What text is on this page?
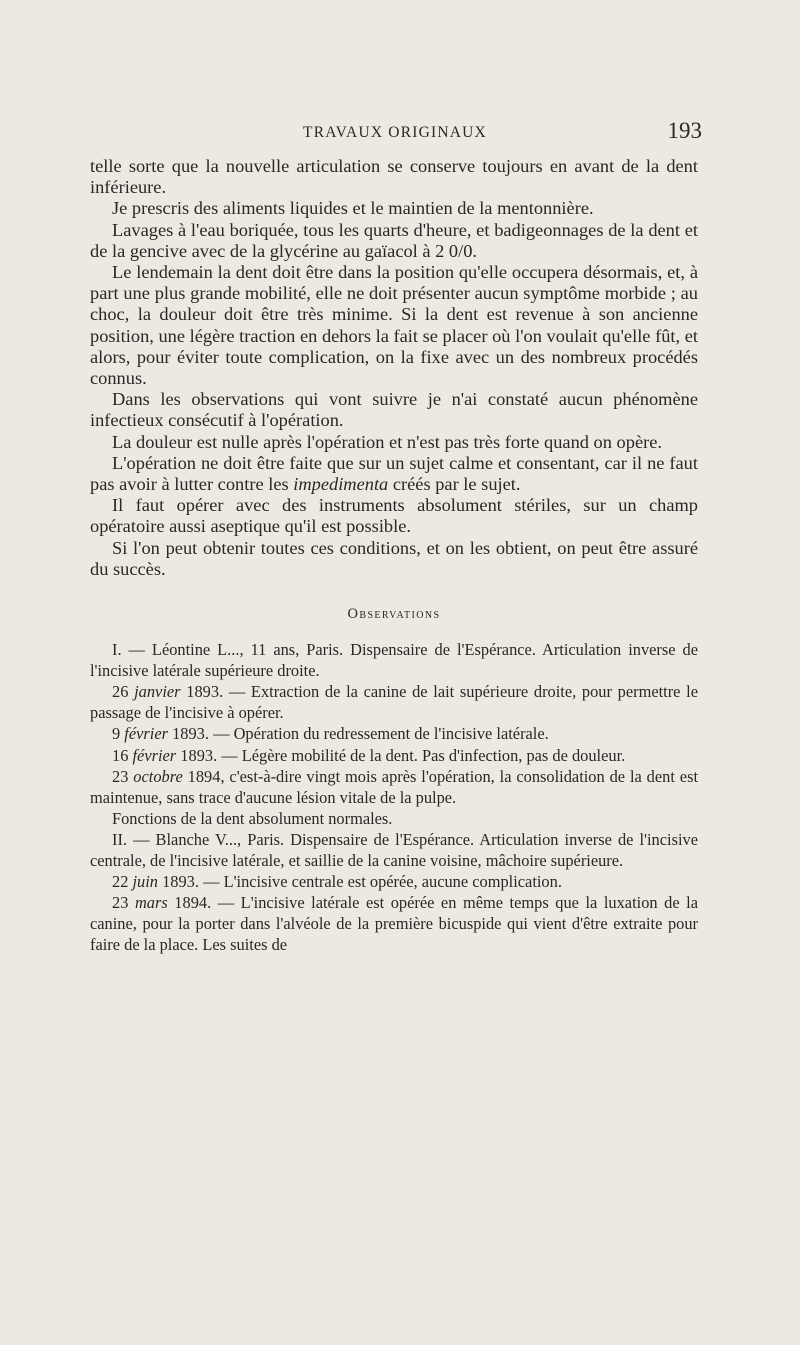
TRAVAUX ORIGINAUX	193

telle sorte que la nouvelle articulation se conserve toujours en avant de la dent inférieure.

Je prescris des aliments liquides et le maintien de la mentonnière.

Lavages à l'eau boriquée, tous les quarts d'heure, et badigeonnages de la dent et de la gencive avec de la glycérine au gaïacol à 2 0/0.

Le lendemain la dent doit être dans la position qu'elle occupera désormais, et, à part une plus grande mobilité, elle ne doit présenter aucun symptôme morbide ; au choc, la douleur doit être très minime. Si la dent est revenue à son ancienne position, une légère traction en dehors la fait se placer où l'on voulait qu'elle fût, et alors, pour éviter toute complication, on la fixe avec un des nombreux procédés connus.

Dans les observations qui vont suivre je n'ai constaté aucun phénomène infectieux consécutif à l'opération.

La douleur est nulle après l'opération et n'est pas très forte quand on opère.

L'opération ne doit être faite que sur un sujet calme et consentant, car il ne faut pas avoir à lutter contre les impedimenta créés par le sujet.

Il faut opérer avec des instruments absolument stériles, sur un champ opératoire aussi aseptique qu'il est possible.

Si l'on peut obtenir toutes ces conditions, et on les obtient, on peut être assuré du succès.

Observations

I. — Léontine L..., 11 ans, Paris. Dispensaire de l'Espérance. Articulation inverse de l'incisive latérale supérieure droite.

26 janvier 1893. — Extraction de la canine de lait supérieure droite, pour permettre le passage de l'incisive à opérer.

9 février 1893. — Opération du redressement de l'incisive latérale.

16 février 1893. — Légère mobilité de la dent. Pas d'infection, pas de douleur.

23 octobre 1894, c'est-à-dire vingt mois après l'opération, la consolidation de la dent est maintenue, sans trace d'aucune lésion vitale de la pulpe.

Fonctions de la dent absolument normales.

II. — Blanche V..., Paris. Dispensaire de l'Espérance. Articulation inverse de l'incisive centrale, de l'incisive latérale, et saillie de la canine voisine, mâchoire supérieure.

22 juin 1893. — L'incisive centrale est opérée, aucune complication.

23 mars 1894. — L'incisive latérale est opérée en même temps que la luxation de la canine, pour la porter dans l'alvéole de la première bicuspide qui vient d'être extraite pour faire de la place. Les suites de
